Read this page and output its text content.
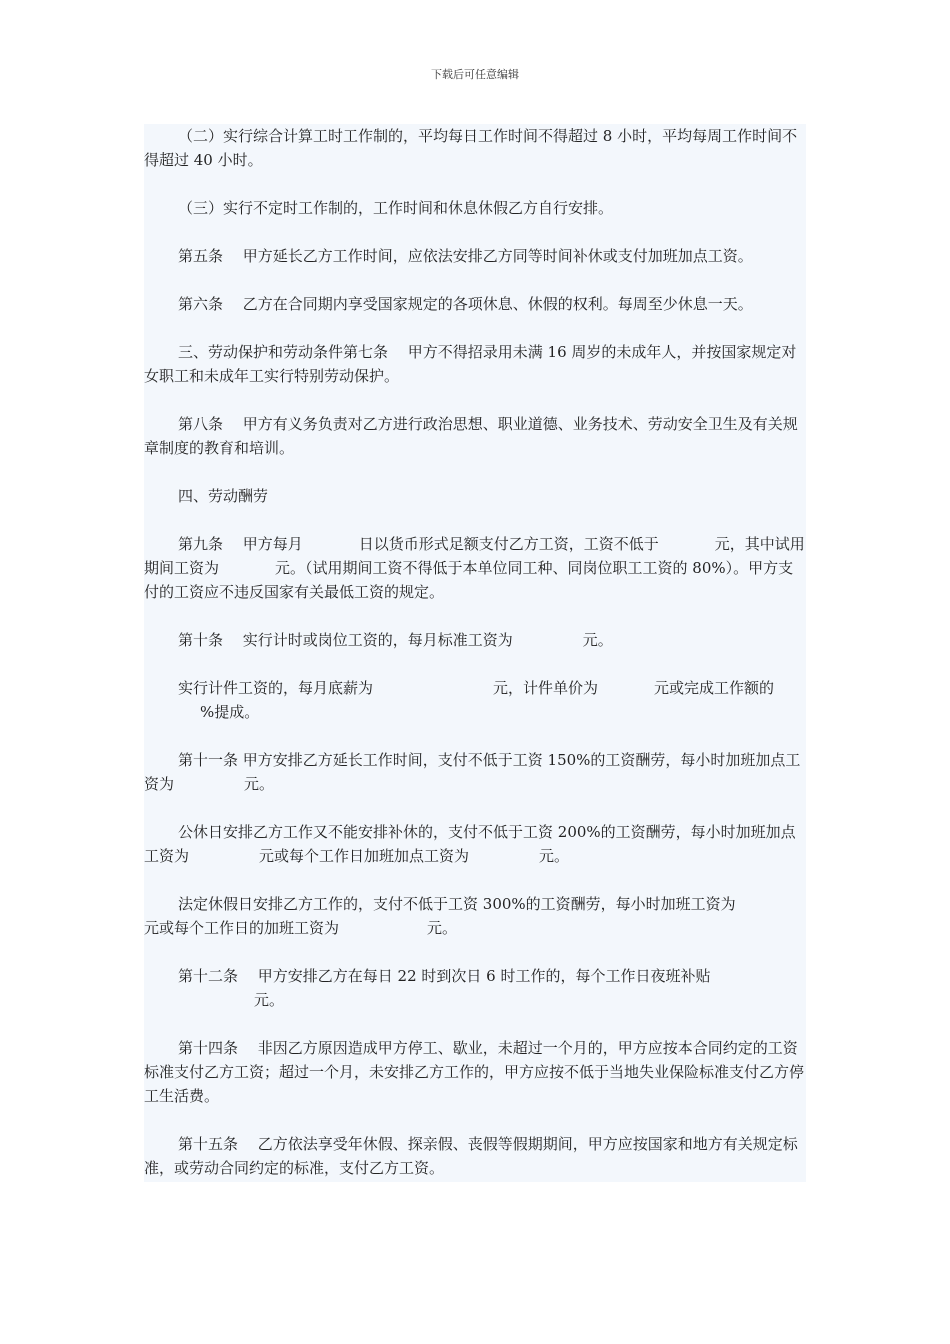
下载后可任意编辑

（二）实行综合计算工时工作制的，平均每日工作时间不得超过 8 小时，平均每周工作时间不得超过 40 小时。

（三）实行不定时工作制的，工作时间和休息休假乙方自行安排。

第五条　 甲方延长乙方工作时间，应依法安排乙方同等时间补休或支付加班加点工资。

第六条　 乙方在合同期内享受国家规定的各项休息、休假的权利。每周至少休息一天。

三、劳动保护和劳动条件第七条　 甲方不得招录用未满 16 周岁的未成年人，并按国家规定对女职工和未成年工实行特别劳动保护。

第八条　 甲方有义务负责对乙方进行政治思想、职业道德、业务技术、劳动安全卫生及有关规章制度的教育和培训。

四、劳动酬劳

第九条　 甲方每月	日以货币形式足额支付乙方工资，工资不低于	元，其中试用期间工资为	元。（试用期间工资不得低于本单位同工种、同岗位职工工资的 80%）。甲方支付的工资应不违反国家有关最低工资的规定。

第十条　 实行计时或岗位工资的，每月标准工资为	元。

实行计件工资的，每月底薪为	元，计件单价为	元或完成工作额的%提成。

第十一条 甲方安排乙方延长工作时间，支付不低于工资 150%的工资酬劳，每小时加班加点工资为	元。

公休日安排乙方工作又不能安排补休的，支付不低于工资 200%的工资酬劳，每小时加班加点工资为	元或每个工作日加班加点工资为	元。

法定休假日安排乙方工作的，支付不低于工资 300%的工资酬劳，每小时加班工资为元或每个工作日的加班工资为	元。

第十二条　 甲方安排乙方在每日 22 时到次日 6 时工作的，每个工作日夜班补贴元。

第十四条　 非因乙方原因造成甲方停工、歇业，未超过一个月的，甲方应按本合同约定的工资标准支付乙方工资；超过一个月，未安排乙方工作的，甲方应按不低于当地失业保险标准支付乙方停工生活费。

第十五条　 乙方依法享受年休假、探亲假、丧假等假期期间，甲方应按国家和地方有关规定标准，或劳动合同约定的标准，支付乙方工资。
